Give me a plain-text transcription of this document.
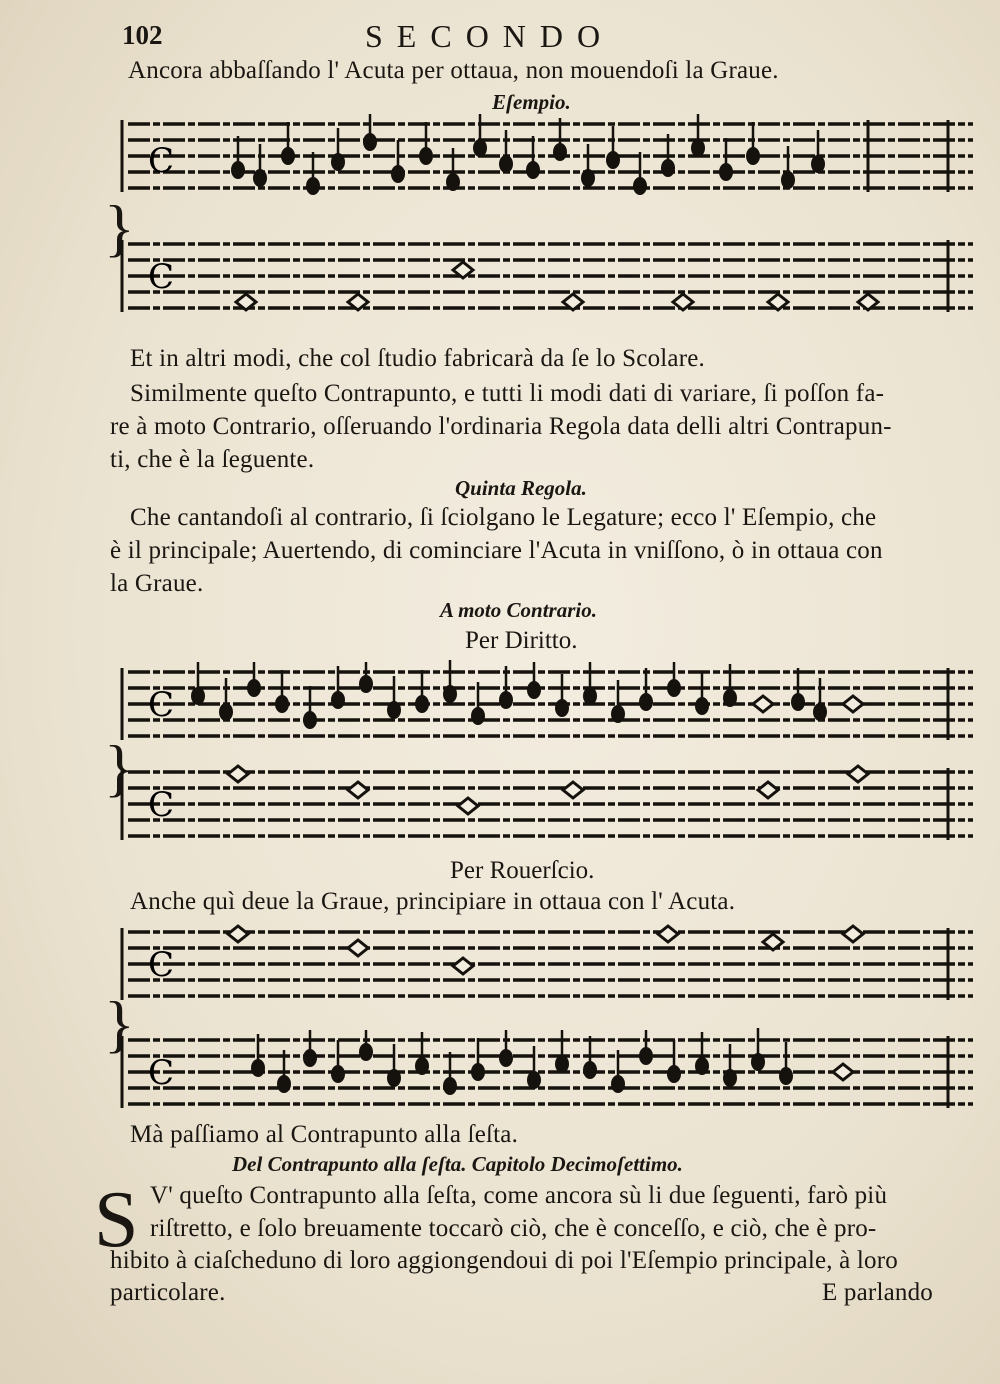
102	SECONDO
Ancora abbaſſando l' Acuta per ottaua, non mouendoſi la Graue.
Eſempio.
C
}
C
Et in altri modi, che col ſtudio fabricarà da ſe lo Scolare.
Similmente queſto Contrapunto, e tutti li modi dati di variare, ſi poſſon fa-
re à moto Contrario, oſſeruando l'ordinaria Regola data delli altri Contrapun-
ti, che è la ſeguente.
Quinta Regola.
Che cantandoſi al contrario, ſi ſciolgano le Legature; ecco l' Eſempio, che
è il principale; Auertendo, di cominciare l'Acuta in vniſſono, ò in ottaua con
la Graue.
A moto Contrario.
Per Diritto.
C
}
C
Per Rouerſcio.
Anche quì deue la Graue, principiare in ottaua con l' Acuta.
C
}
C
Mà paſſiamo al Contrapunto alla ſeſta.
Del Contrapunto alla ſeſta. Capitolo Decimoſettimo.
S V' queſto Contrapunto alla ſeſta, come ancora sù li due ſeguenti, farò più
riſtretto, e ſolo breuamente toccarò ciò, che è conceſſo, e ciò, che è pro-
hibito à ciaſcheduno di loro aggiongendoui di poi l'Eſempio principale, à loro
particolare.	E parlando
